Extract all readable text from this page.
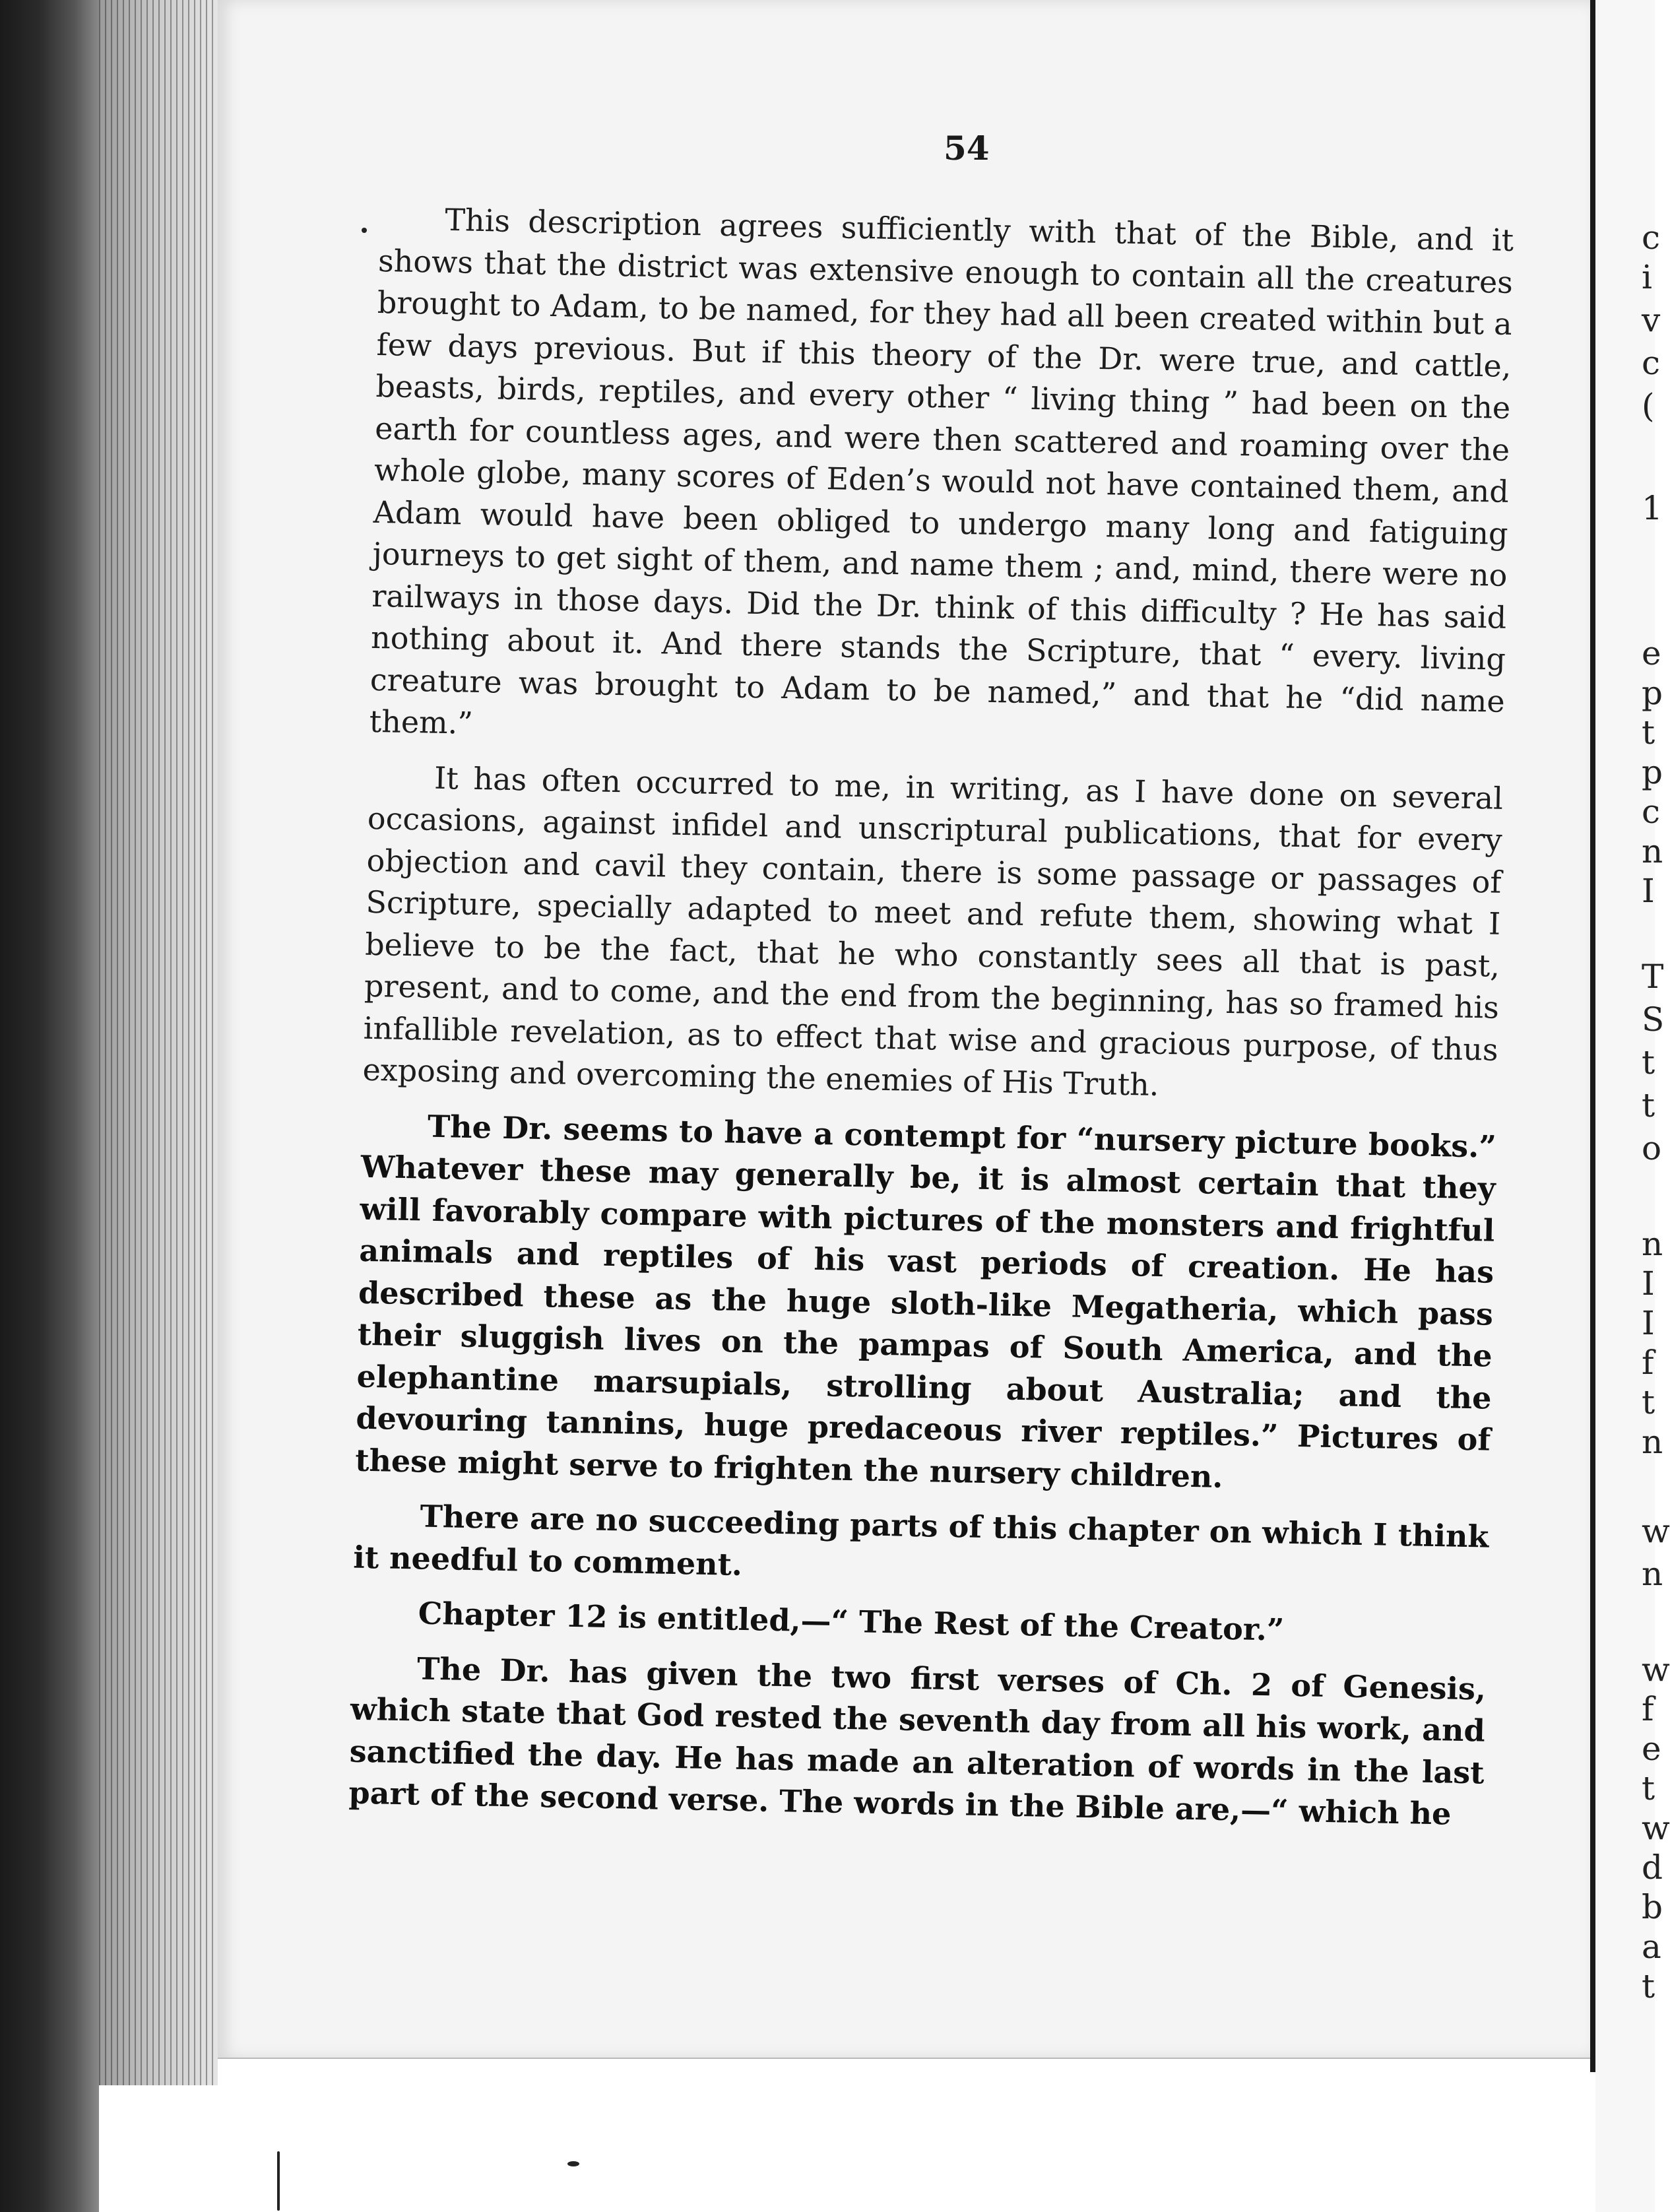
54

This description agrees sufficiently with that of the Bible, and it shows that the district was extensive enough to contain all the creatures brought to Adam, to be named, for they had all been created within but a few days previous. But if this theory of the Dr. were true, and cattle, beasts, birds, reptiles, and every other “ living thing ” had been on the earth for countless ages, and were then scattered and roaming over the whole globe, many scores of Eden’s would not have contained them, and Adam would have been obliged to undergo many long and fatiguing journeys to get sight of them, and name them ; and, mind, there were no railways in those days. Did the Dr. think of this difficulty ? He has said nothing about it. And there stands the Scripture, that “ every. living creature was brought to Adam to be named,” and that he “did name them.”

It has often occurred to me, in writing, as I have done on several occasions, against infidel and unscriptural publications, that for every objection and cavil they contain, there is some passage or passages of Scripture, specially adapted to meet and refute them, showing what I believe to be the fact, that he who constantly sees all that is past, present, and to come, and the end from the beginning, has so framed his infallible revelation, as to effect that wise and gracious purpose, of thus exposing and overcoming the enemies of His Truth.

The Dr. seems to have a contempt for “nursery picture books.” Whatever these may generally be, it is almost certain that they will favorably compare with pictures of the monsters and frightful animals and reptiles of his vast periods of creation. He has described these as the huge sloth-like Megatheria, which pass their sluggish lives on the pampas of South America, and the elephantine marsupials, strolling about Australia; and the devouring tannins, huge predaceous river reptiles.” Pictures of these might serve to frighten the nursery children.

There are no succeeding parts of this chapter on which I think it needful to comment.

Chapter 12 is entitled,—“ The Rest of the Creator.”

The Dr. has given the two first verses of Ch. 2 of Genesis, which state that God rested the seventh day from all his work, and sanctified the day. He has made an alteration of words in the last part of the second verse. The words in the Bible are,—“ which he

c
i
v
c
(
1
e
p
t
p
c
n
I
T
S
t
t
o
n
I
I
f
t
n
w
n
w
f
e
t
w
d
b
a
t
